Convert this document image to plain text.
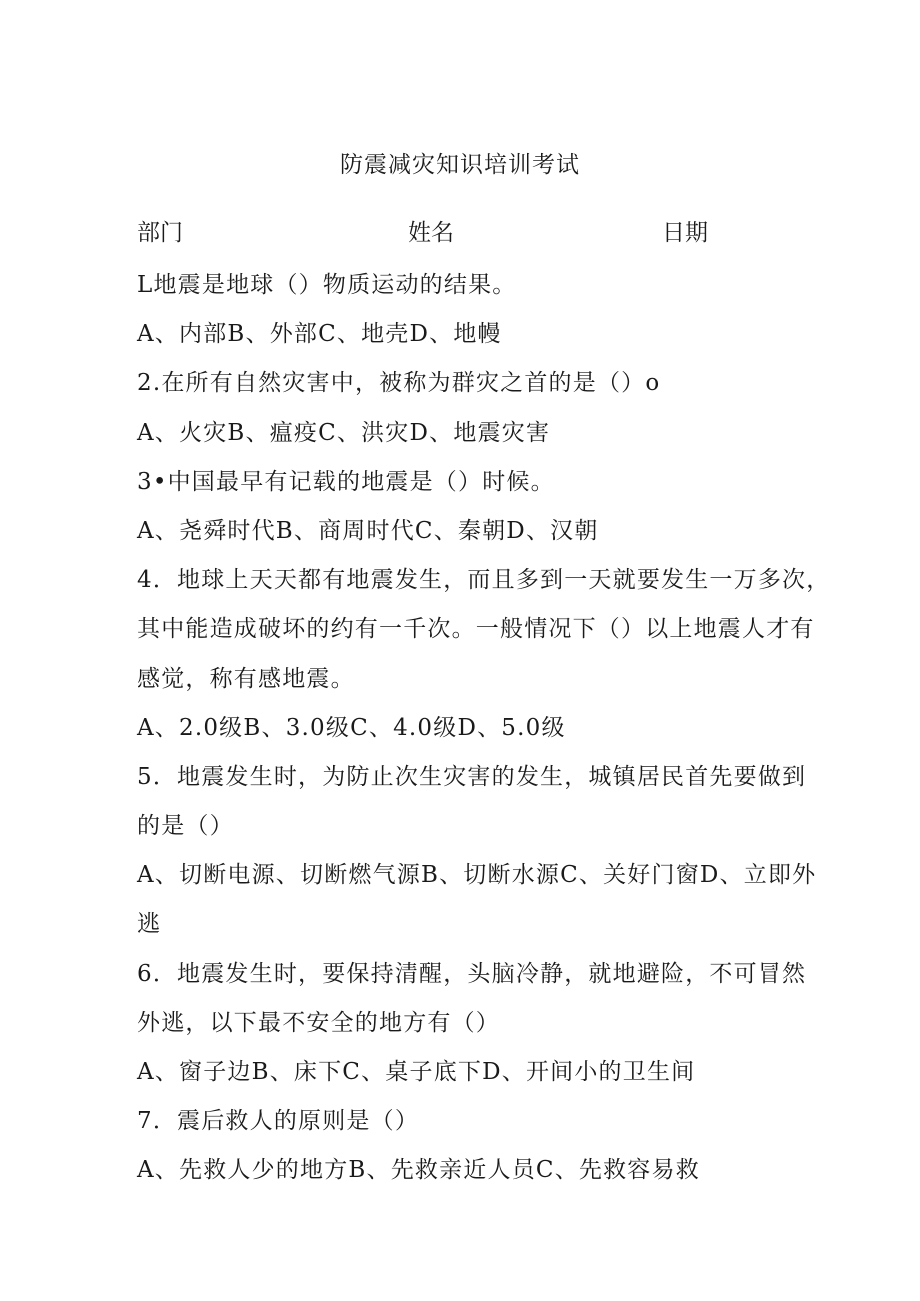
防震减灾知识培训考试
部门	姓名	日期
L地震是地球（）物质运动的结果。
A、内部B、外部C、地壳D、地幔
2.在所有自然灾害中，被称为群灾之首的是（）o
A、火灾B、瘟疫C、洪灾D、地震灾害
3•中国最早有记载的地震是（）时候。
A、尧舜时代B、商周时代C、秦朝D、汉朝
4．地球上天天都有地震发生，而且多到一天就要发生一万多次，
其中能造成破坏的约有一千次。一般情况下（）以上地震人才有
感觉，称有感地震。
A、2.0级B、3.0级C、4.0级D、5.0级
5．地震发生时，为防止次生灾害的发生，城镇居民首先要做到
的是（）
A、切断电源、切断燃气源B、切断水源C、关好门窗D、立即外
逃
6．地震发生时，要保持清醒，头脑冷静，就地避险，不可冒然
外逃，以下最不安全的地方有（）
A、窗子边B、床下C、桌子底下D、开间小的卫生间
7．震后救人的原则是（）
A、先救人少的地方B、先救亲近人员C、先救容易救
